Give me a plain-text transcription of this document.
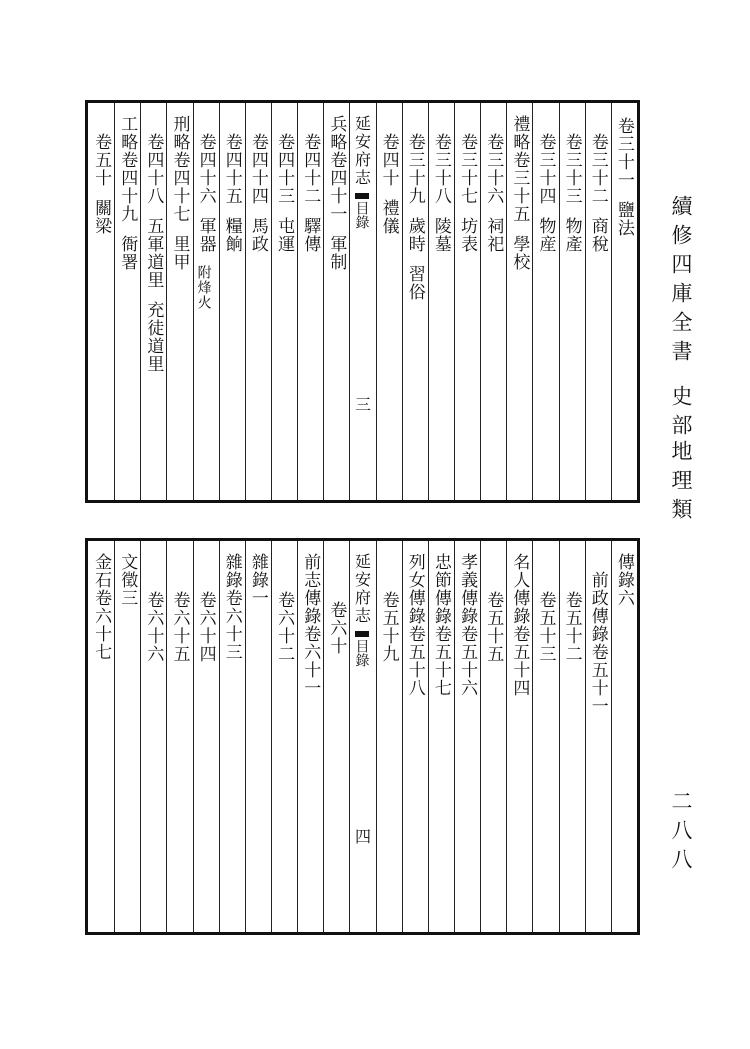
續修四庫全書
史部
地理類
二八八
卷三十一
鹽法
卷三十二
商稅
卷三十三
物產
卷三十四
物産
禮略卷三十五
學校
卷三十六
祠祀
卷三十七
坊表
卷三十八
陵墓
卷三十九
歲時
習俗
卷四十
禮儀
兵略卷四十一
軍制
卷四十二
驛傳
卷四十三
屯運
卷四十四
馬政
卷四十五
糧餉
卷四十六
軍器
附烽火
刑略卷四十七
里甲
卷四十八
五軍道里
充徒道里
工略卷四十九
衙署
卷五十
關梁
延安府志
目錄
三
傳錄六
前政傳錄卷五十一
卷五十二
卷五十三
名人傳錄卷五十四
卷五十五
孝義傳錄卷五十六
忠節傳錄卷五十七
列女傳錄卷五十八
卷五十九
卷六十
前志傳錄卷六十一
卷六十二
雜錄一
雜錄卷六十三
卷六十四
卷六十五
卷六十六
文徵三
金石卷六十七	延安府志
目錄
四
